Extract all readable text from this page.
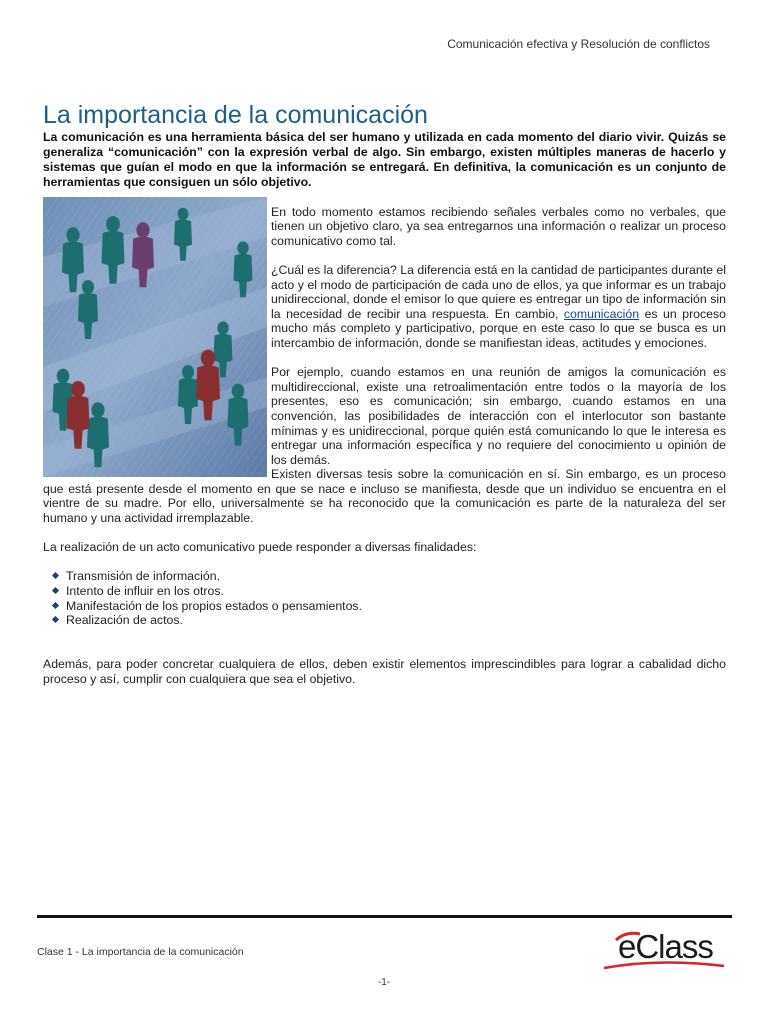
Comunicación efectiva y Resolución de conflictos
La importancia de la comunicación

La comunicación es una herramienta básica del ser humano y utilizada en cada momento del diario vivir. Quizás se generaliza “comunicación” con la expresión verbal de algo. Sin embargo, existen múltiples maneras de hacerlo y sistemas que guían el modo en que la información se entregará. En definitiva, la comunicación es un conjunto de herramientas que consiguen un sólo objetivo.

En todo momento estamos recibiendo señales verbales como no verbales, que tienen un objetivo claro, ya sea entregarnos una información o realizar un proceso comunicativo como tal.

¿Cuál es la diferencia? La diferencia está en la cantidad de participantes durante el acto y el modo de participación de cada uno de ellos, ya que informar es un trabajo unidireccional, donde el emisor lo que quiere es entregar un tipo de información sin la necesidad de recibir una respuesta. En cambio, comunicación es un proceso mucho más completo y participativo, porque en este caso lo que se busca es un intercambio de información, donde se manifiestan ideas, actitudes y emociones.

Por ejemplo, cuando estamos en una reunión de amigos la comunicación es multidireccional, existe una retroalimentación entre todos o la mayoría de los presentes, eso es comunicación; sin embargo, cuando estamos en una convención, las posibilidades de interacción con el interlocutor son bastante mínimas y es unidireccional, porque quién está comunicando lo que le interesa es entregar una información específica y no requiere del conocimiento u opinión de los demás.

Existen diversas tesis sobre la comunicación en sí. Sin embargo, es un proceso que está presente desde el momento en que se nace e incluso se manifiesta, desde que un individuo se encuentra en el vientre de su madre. Por ello, universalmente se ha reconocido que la comunicación es parte de la naturaleza del ser humano y una actividad irremplazable.

La realización de un acto comunicativo puede responder a diversas finalidades:

Transmisión de información.
Intento de influir en los otros.
Manifestación de los propios estados o pensamientos.
Realización de actos.

Además, para poder concretar cualquiera de ellos, deben existir elementos imprescindibles para lograr a cabalidad dicho proceso y así, cumplir con cualquiera que sea el objetivo.

Clase 1 - La importancia de la comunicación	eClass
-1-
